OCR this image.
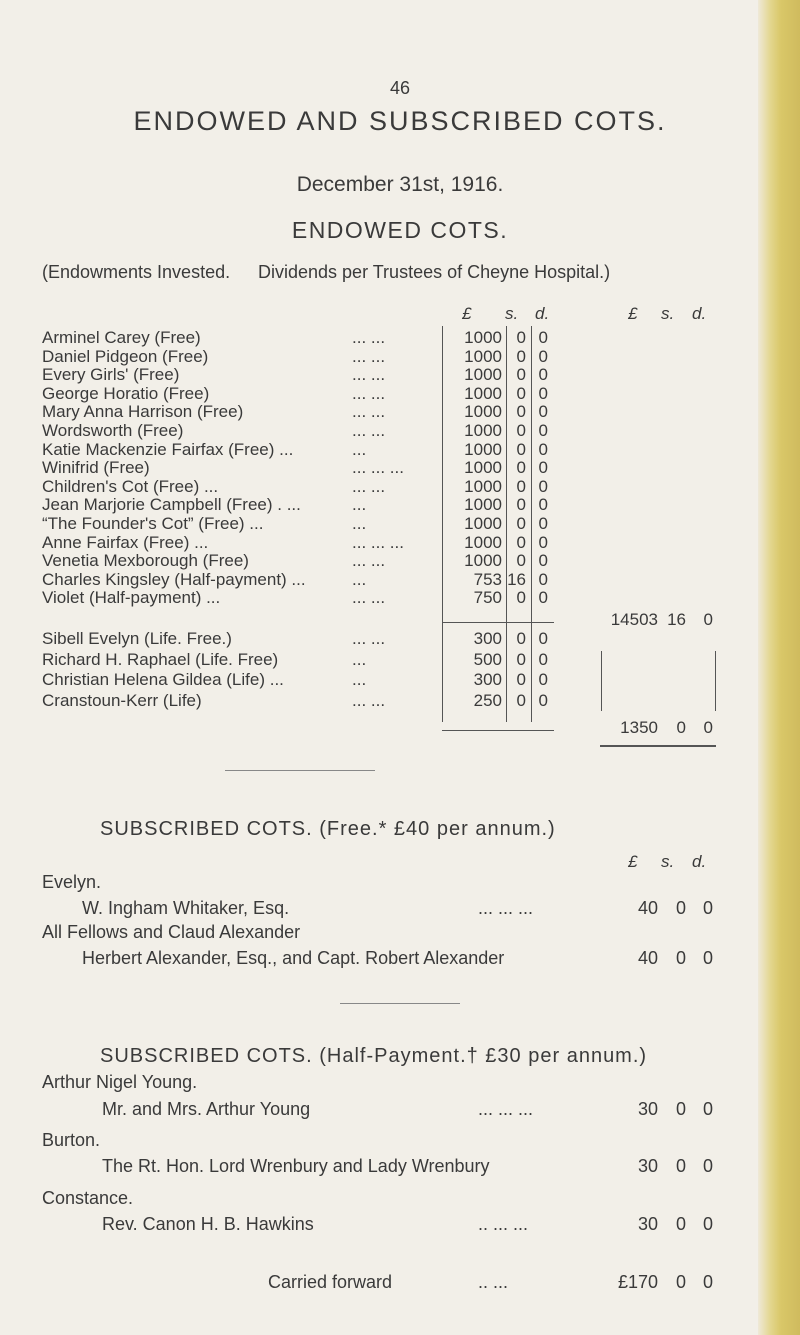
46
ENDOWED AND SUBSCRIBED COTS.
December 31st, 1916.
ENDOWED COTS.
(Endowments Invested. Dividends per Trustees of Cheyne Hospital.)
£ s. d.	£ s. d.
Arminel Carey (Free)	... ...	1000 0 0
Daniel Pidgeon (Free)	... ...	1000 0 0
Every Girls' (Free)	... ...	1000 0 0
George Horatio (Free)	... ...	1000 0 0
Mary Anna Harrison (Free)	... ...	1000 0 0
Wordsworth (Free)	... ...	1000 0 0
Katie Mackenzie Fairfax (Free) ...	...	1000 0 0
Winifrid (Free)	... ... ...	1000 0 0
Children's Cot (Free) ...	... ...	1000 0 0
Jean Marjorie Campbell (Free) . ...	...	1000 0 0
“The Founder's Cot” (Free) ...	...	1000 0 0
Anne Fairfax (Free) ...	... ... ...	1000 0 0
Venetia Mexborough (Free)	... ...	1000 0 0
Charles Kingsley (Half-payment) ...	...	753 16 0
Violet (Half-payment) ...	... ...	750 0 0
14503 16	0
Sibell Evelyn (Life. Free.)	... ...	300 0 0
Richard H. Raphael (Life. Free)	...	500 0 0
Christian Helena Gildea (Life) ...	...	300 0 0
Cranstoun-Kerr (Life)	... ...	250 0 0
1350	0	0
SUBSCRIBED COTS. (Free.* £40 per annum.)
£ s. d.
Evelyn.
W. Ingham Whitaker, Esq.	... ... ...	40 0 0
All Fellows and Claud Alexander
Herbert Alexander, Esq., and Capt. Robert Alexander	40 0 0
SUBSCRIBED COTS. (Half-Payment.† £30 per annum.)
Arthur Nigel Young.
Mr. and Mrs. Arthur Young	... ... ...	30 0 0
Burton.
The Rt. Hon. Lord Wrenbury and Lady Wrenbury	30 0 0
Constance.
Rev. Canon H. B. Hawkins	.. ... ...	30 0 0
Carried forward	.. ...	£170 0 0
